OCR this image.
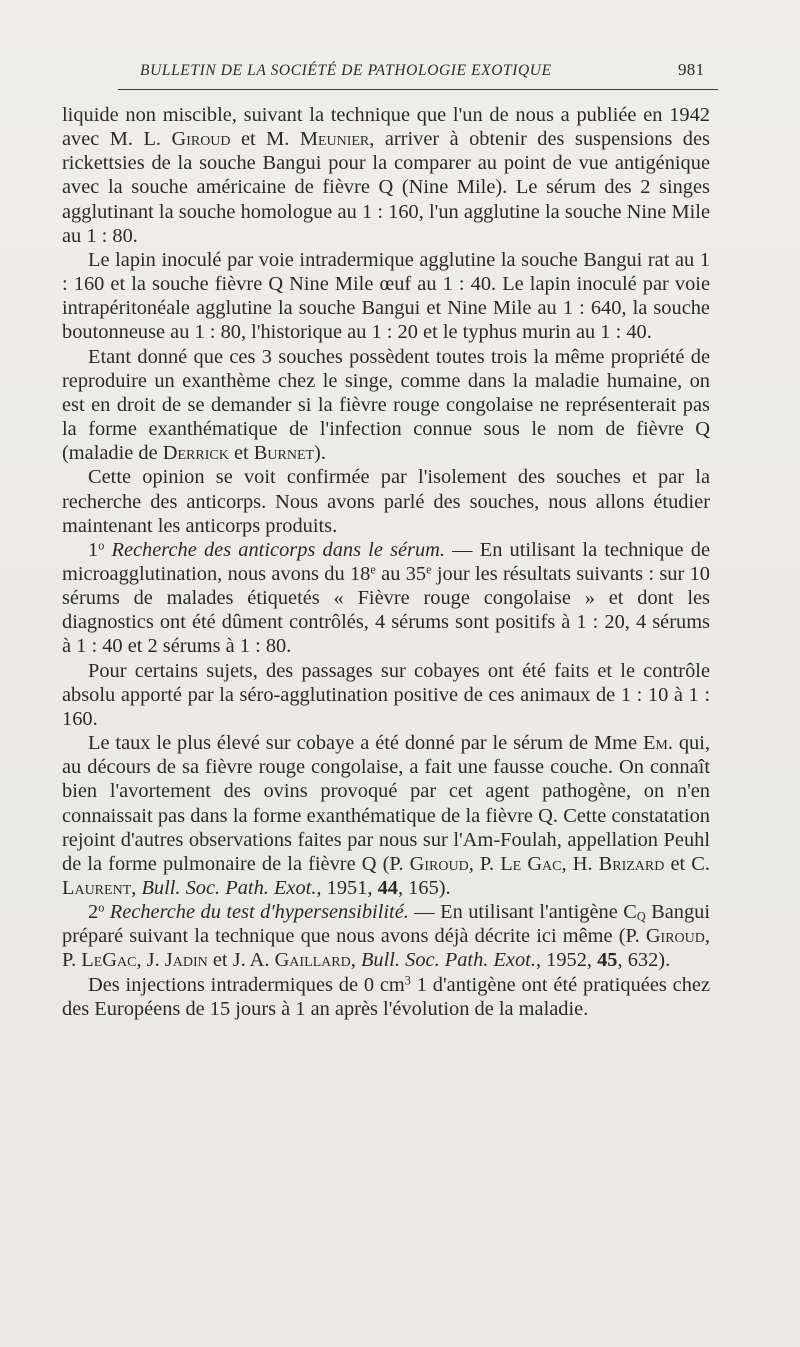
BULLETIN DE LA SOCIÉTÉ DE PATHOLOGIE EXOTIQUE	981

liquide non miscible, suivant la technique que l'un de nous a publiée en 1942 avec M. L. Giroud et M. Meunier, arriver à obtenir des suspensions des rickettsies de la souche Bangui pour la comparer au point de vue antigénique avec la souche américaine de fièvre Q (Nine Mile). Le sérum des 2 singes agglutinant la souche homologue au 1 : 160, l'un agglutine la souche Nine Mile au 1 : 80.

Le lapin inoculé par voie intradermique agglutine la souche Bangui rat au 1 : 160 et la souche fièvre Q Nine Mile œuf au 1 : 40. Le lapin inoculé par voie intrapéritonéale agglutine la souche Bangui et Nine Mile au 1 : 640, la souche boutonneuse au 1 : 80, l'historique au 1 : 20 et le typhus murin au 1 : 40.

Etant donné que ces 3 souches possèdent toutes trois la même propriété de reproduire un exanthème chez le singe, comme dans la maladie humaine, on est en droit de se demander si la fièvre rouge congolaise ne représenterait pas la forme exanthématique de l'infection connue sous le nom de fièvre Q (maladie de Derrick et Burnet).

Cette opinion se voit confirmée par l'isolement des souches et par la recherche des anticorps. Nous avons parlé des souches, nous allons étudier maintenant les anticorps produits.

1$^o$ Recherche des anticorps dans le sérum. — En utilisant la technique de microagglutination, nous avons du 18e au 35e jour les résultats suivants : sur 10 sérums de malades étiquetés « Fièvre rouge congolaise » et dont les diagnostics ont été dûment contrôlés, 4 sérums sont positifs à 1 : 20, 4 sérums à 1 : 40 et 2 sérums à 1 : 80.

Pour certains sujets, des passages sur cobayes ont été faits et le contrôle absolu apporté par la séro-agglutination positive de ces animaux de 1 : 10 à 1 : 160.

Le taux le plus élevé sur cobaye a été donné par le sérum de Mme Em. qui, au décours de sa fièvre rouge congolaise, a fait une fausse couche. On connaît bien l'avortement des ovins provoqué par cet agent pathogène, on n'en connaissait pas dans la forme exanthématique de la fièvre Q. Cette constatation rejoint d'autres observations faites par nous sur l'Am-Foulah, appellation Peuhl de la forme pulmonaire de la fièvre Q (P. Giroud, P. Le Gac, H. Brizard et C. Laurent, Bull. Soc. Path. Exot., 1951, 44, 165).

2$^o$ Recherche du test d'hypersensibilité. — En utilisant l'antigène $C_Q$ Bangui préparé suivant la technique que nous avons déjà décrite ici même (P. Giroud, P. LeGac, J. Jadin et J. A. Gaillard, Bull. Soc. Path. Exot., 1952, 45, 632).

Des injections intradermiques de 0 $cm^3$ 1 d'antigène ont été pratiquées chez des Européens de 15 jours à 1 an après l'évolution de la maladie.
